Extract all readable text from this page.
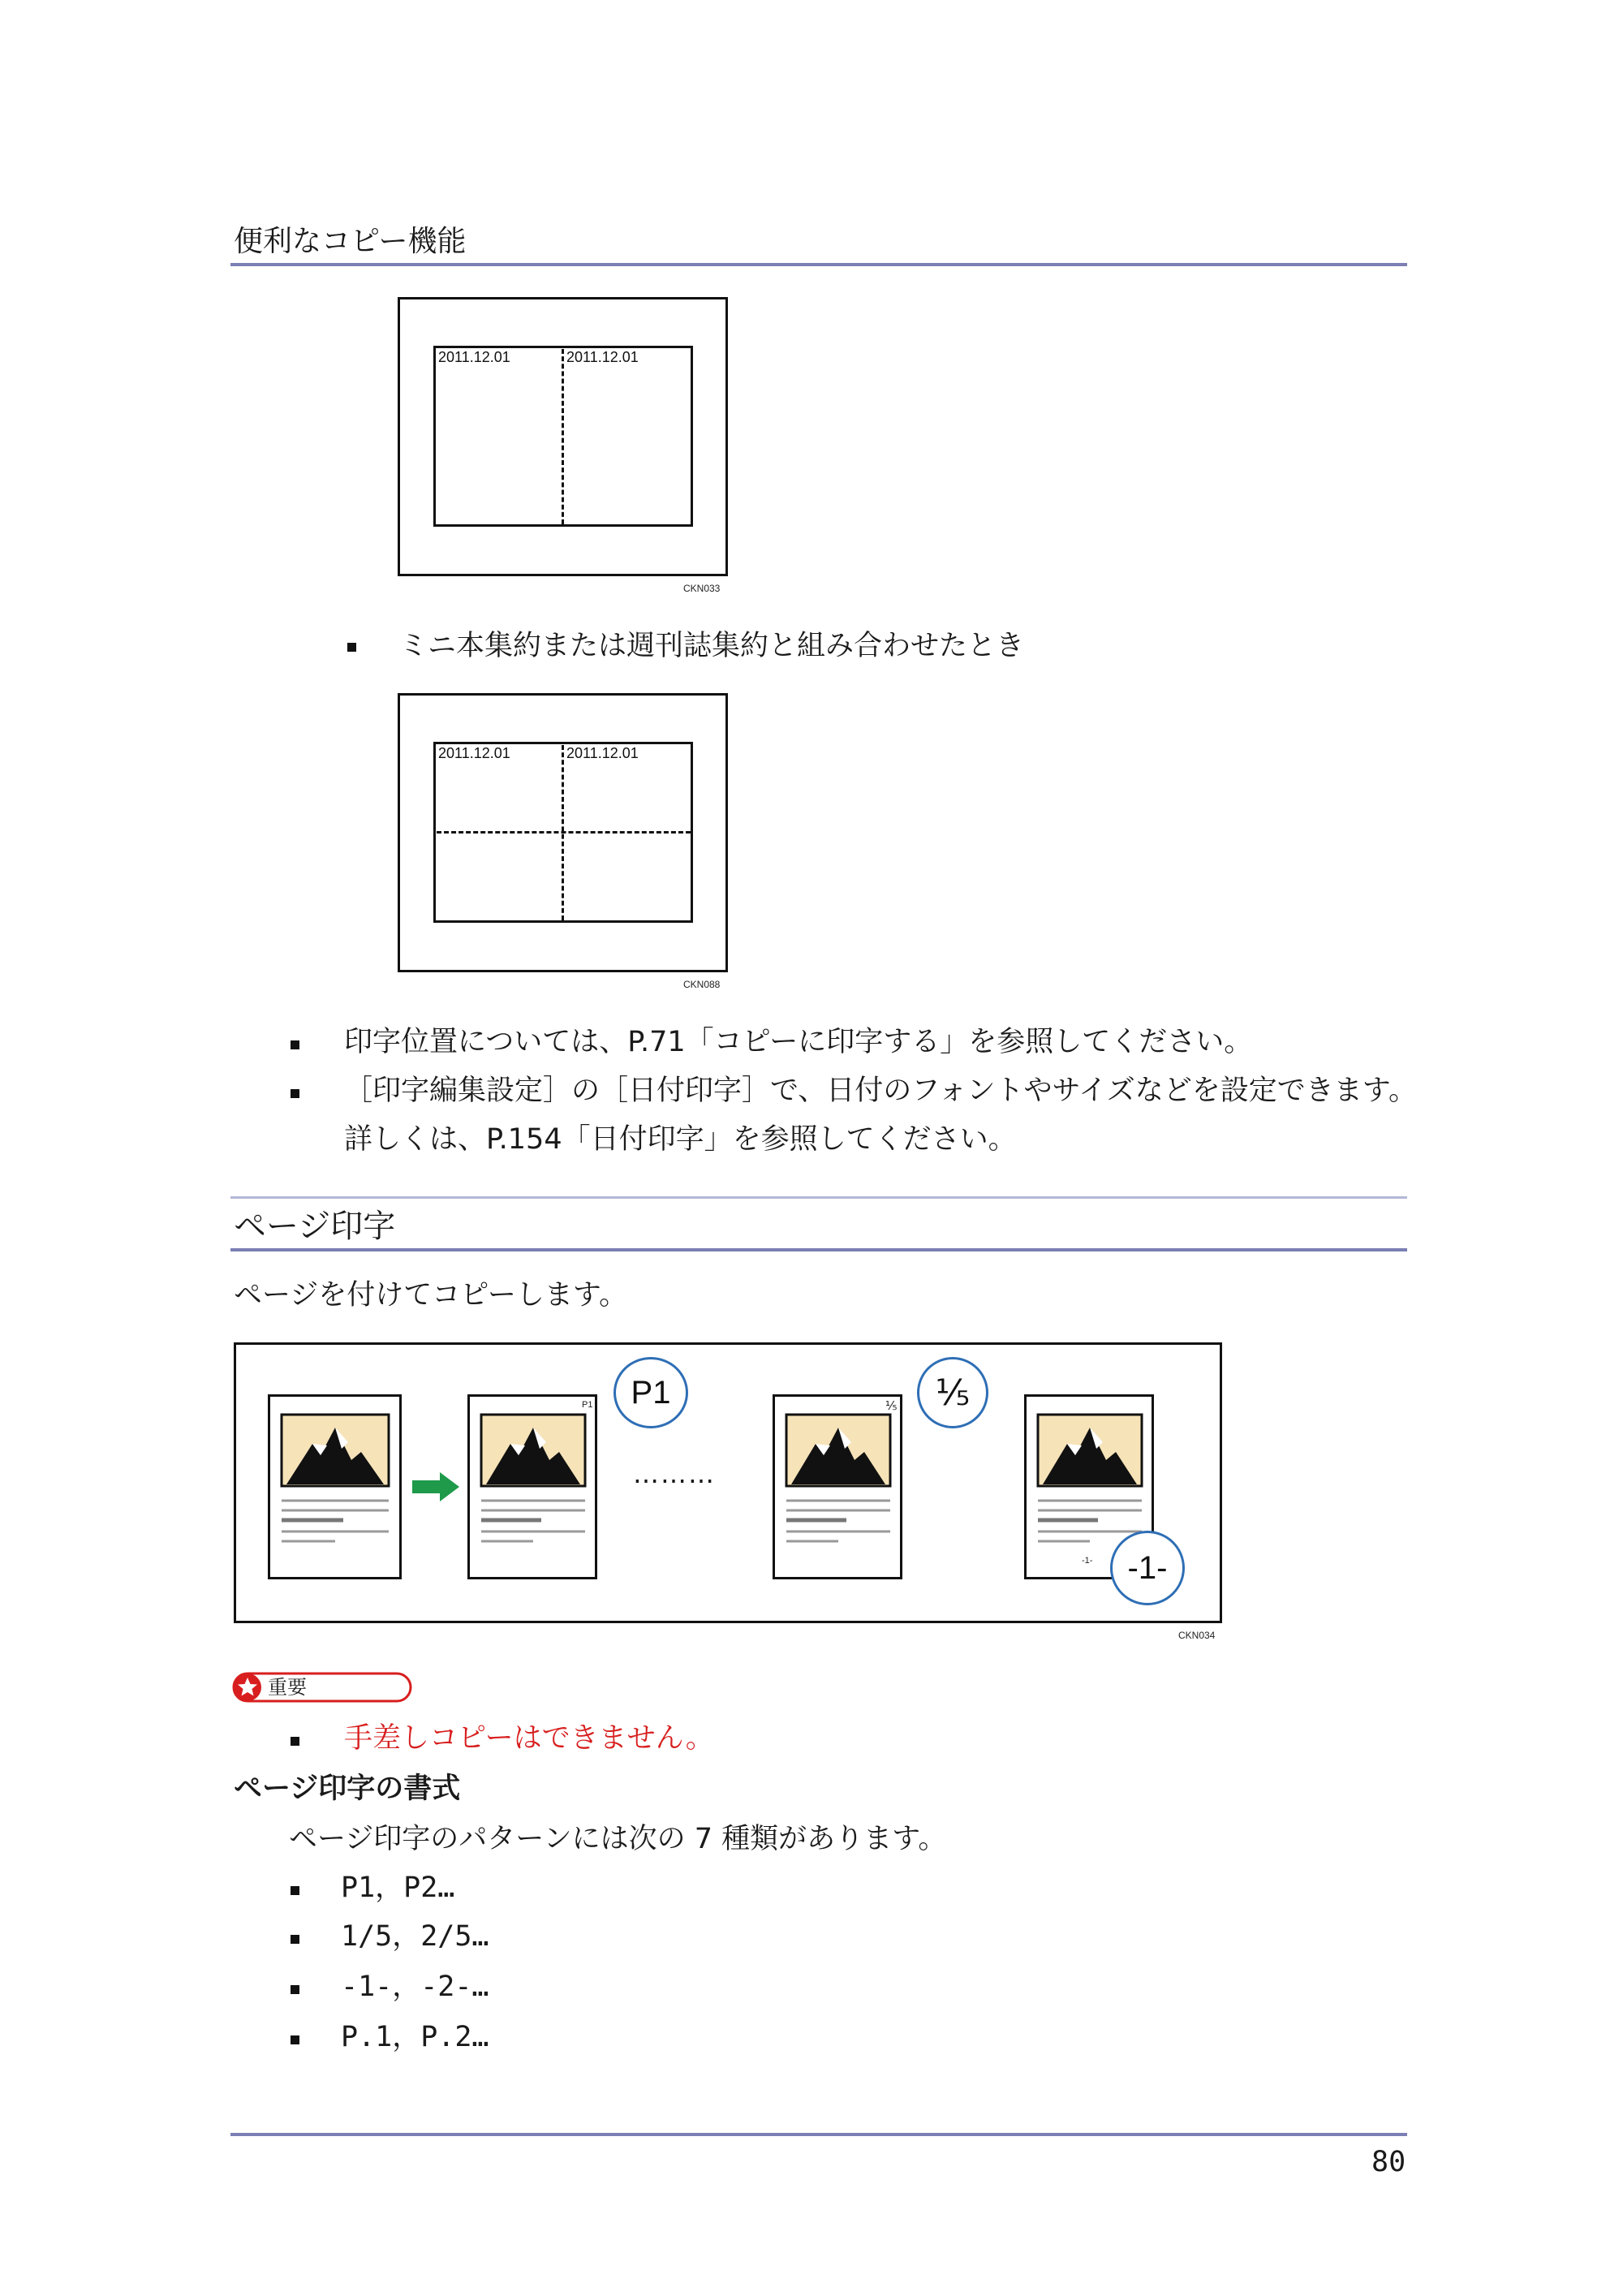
便利なコピー機能
2011.12.01	2011.12.01
CKN033
ミニ本集約または週刊誌集約と組み合わせたとき
2011.12.01	2011.12.01
CKN088
印字位置については、P.71「コピーに印字する」を参照してください。
［印字編集設定］の［日付印字］で、日付のフォントやサイズなどを設定できます。
詳しくは、P.154「日付印字」を参照してください。
ページ印字
ページを付けてコピーします。
P1	P1
………
⅕	⅕
-1-	-1-
CKN034
重要
手差しコピーはできません。
ページ印字の書式
ページ印字のパターンには次の 7 種類があります。
P1，P2…
1/5，2/5…
-1-，-2-…
P.1，P.2…
80
